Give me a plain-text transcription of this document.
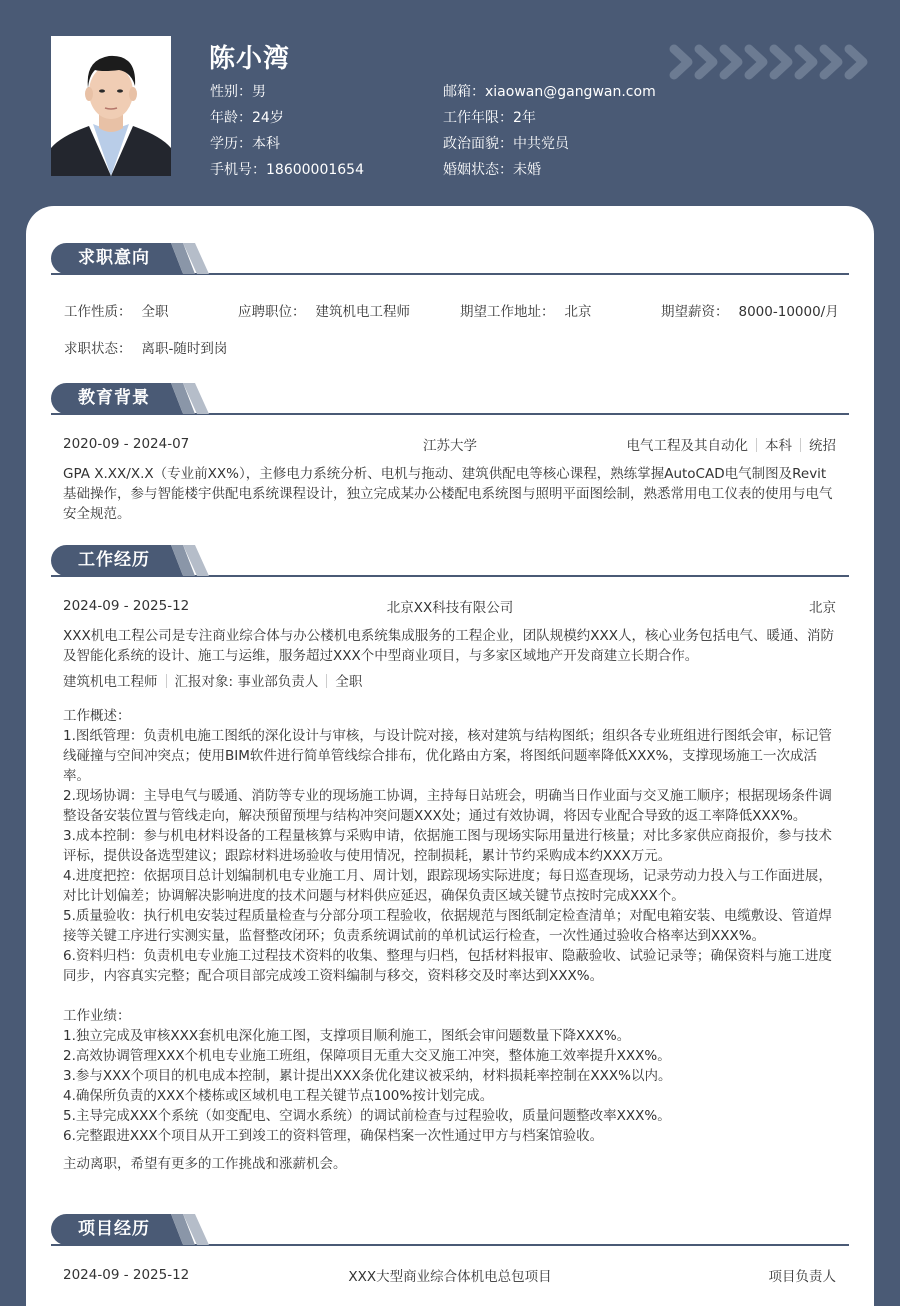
陈小湾
性别：男
年龄：24岁
学历：本科
手机号：18600001654
邮箱：xiaowan@gangwan.com
工作年限：2年
政治面貌：中共党员
婚姻状态：未婚
求职意向
工作性质： 全职	应聘职位： 建筑机电工程师	期望工作地址： 北京	期望薪资： 8000-10000/月
求职状态： 离职-随时到岗
教育背景
2020-09 - 2024-07	江苏大学	电气工程及其自动化 本科 统招
GPA X.XX/X.X（专业前XX%），主修电力系统分析、电机与拖动、建筑供配电等核心课程，熟练掌握AutoCAD电气制图及Revit基础操作，参与智能楼宇供配电系统课程设计，独立完成某办公楼配电系统图与照明平面图绘制，熟悉常用电工仪表的使用与电气安全规范。
工作经历
2024-09 - 2025-12	北京XX科技有限公司	北京
XXX机电工程公司是专注商业综合体与办公楼机电系统集成服务的工程企业，团队规模约XXX人，核心业务包括电气、暖通、消防及智能化系统的设计、施工与运维，服务超过XXX个中型商业项目，与多家区域地产开发商建立长期合作。
建筑机电工程师 汇报对象: 事业部负责人 全职
工作概述：
1.图纸管理：负责机电施工图纸的深化设计与审核，与设计院对接，核对建筑与结构图纸；组织各专业班组进行图纸会审，标记管线碰撞与空间冲突点；使用BIM软件进行简单管线综合排布，优化路由方案，将图纸问题率降低XXX%，支撑现场施工一次成活率。
2.现场协调：主导电气与暖通、消防等专业的现场施工协调，主持每日站班会，明确当日作业面与交叉施工顺序；根据现场条件调整设备安装位置与管线走向，解决预留预埋与结构冲突问题XXX处；通过有效协调，将因专业配合导致的返工率降低XXX%。
3.成本控制：参与机电材料设备的工程量核算与采购申请，依据施工图与现场实际用量进行核量；对比多家供应商报价，参与技术评标，提供设备选型建议；跟踪材料进场验收与使用情况，控制损耗，累计节约采购成本约XXX万元。
4.进度把控：依据项目总计划编制机电专业施工月、周计划，跟踪现场实际进度；每日巡查现场，记录劳动力投入与工作面进展，对比计划偏差；协调解决影响进度的技术问题与材料供应延迟，确保负责区域关键节点按时完成XXX个。
5.质量验收：执行机电安装过程质量检查与分部分项工程验收，依据规范与图纸制定检查清单；对配电箱安装、电缆敷设、管道焊接等关键工序进行实测实量，监督整改闭环；负责系统调试前的单机试运行检查，一次性通过验收合格率达到XXX%。
6.资料归档：负责机电专业施工过程技术资料的收集、整理与归档，包括材料报审、隐蔽验收、试验记录等；确保资料与施工进度同步，内容真实完整；配合项目部完成竣工资料编制与移交，资料移交及时率达到XXX%。
工作业绩：
1.独立完成及审核XXX套机电深化施工图，支撑项目顺利施工，图纸会审问题数量下降XXX%。
2.高效协调管理XXX个机电专业施工班组，保障项目无重大交叉施工冲突，整体施工效率提升XXX%。
3.参与XXX个项目的机电成本控制，累计提出XXX条优化建议被采纳，材料损耗率控制在XXX%以内。
4.确保所负责的XXX个楼栋或区域机电工程关键节点100%按计划完成。
5.主导完成XXX个系统（如变配电、空调水系统）的调试前检查与过程验收，质量问题整改率XXX%。
6.完整跟进XXX个项目从开工到竣工的资料管理，确保档案一次性通过甲方与档案馆验收。
主动离职，希望有更多的工作挑战和涨薪机会。
项目经历
2024-09 - 2025-12	XXX大型商业综合体机电总包项目	项目负责人
